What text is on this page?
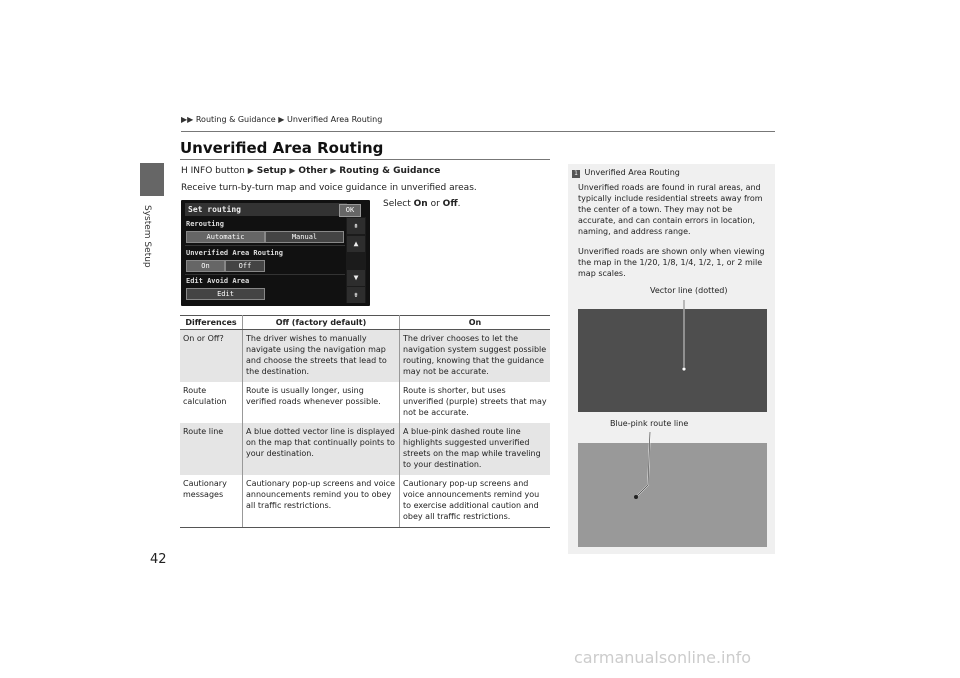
42
System Setup
▶▶ Routing & Guidance ▶ Unverified Area Routing
Unverified Area Routing
H INFO button ▶ Setup ▶ Other ▶ Routing & Guidance
Receive turn-by-turn map and voice guidance in unverified areas.
Select On or Off.
Set routing	OK
Rerouting
Automatic	Manual
Unverified Area Routing
On	Off
Edit Avoid Area
Edit
⇞
▲
▼
⇟
Differences	Off (factory default)	On
On or Off?	The driver wishes to manually navigate using the navigation map and choose the streets that lead to the destination.	The driver chooses to let the navigation system suggest possible routing, knowing that the guidance may not be accurate.
Route calculation	Route is usually longer, using verified roads whenever possible.	Route is shorter, but uses unverified (purple) streets that may not be accurate.
Route line	A blue dotted vector line is displayed on the map that continually points to your destination.	A blue-pink dashed route line highlights suggested unverified streets on the map while traveling to your destination.
Cautionary messages	Cautionary pop-up screens and voice announcements remind you to obey all traffic restrictions.	Cautionary pop-up screens and voice announcements remind you to exercise additional caution and obey all traffic restrictions.
1 Unverified Area Routing
Unverified roads are found in rural areas, and typically include residential streets away from the center of a town. They may not be accurate, and can contain errors in location, naming, and address range.
Unverified roads are shown only when viewing the map in the 1/20, 1/8, 1/4, 1/2, 1, or 2 mile map scales.
Vector line (dotted)
Blue-pink route line
carmanualsonline.info
